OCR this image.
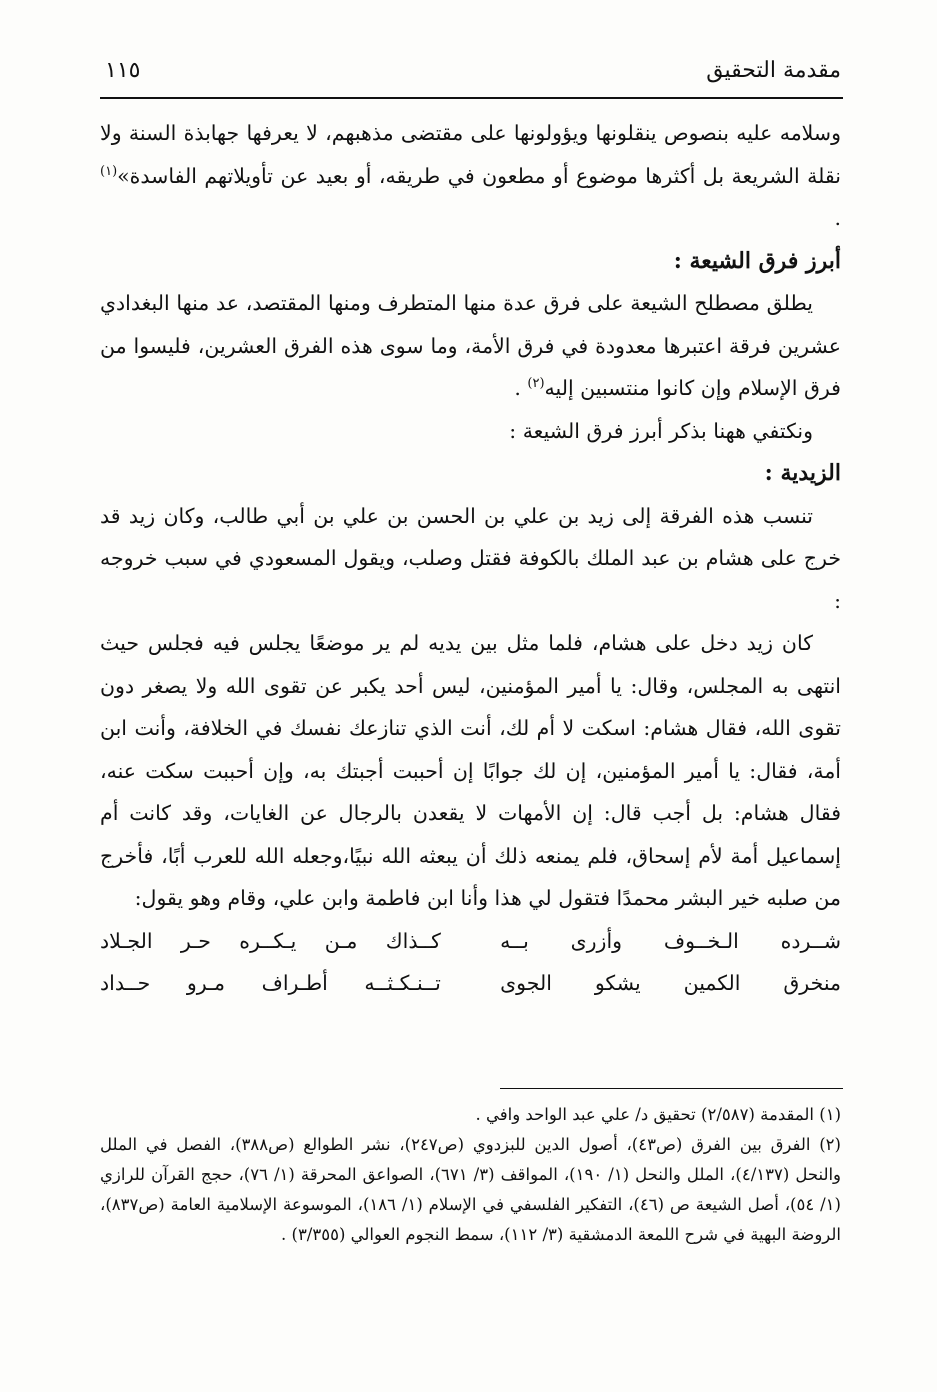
مقدمة التحقيق
١١٥

وسلامه عليه بنصوص ينقلونها ويؤولونها على مقتضى مذهبهم، لا يعرفها جهابذة السنة ولا نقلة الشريعة بل أكثرها موضوع أو مطعون في طريقه، أو بعيد عن تأويلاتهم الفاسدة»$^{(١)}$ .

أبرز فرق الشيعة :

يطلق مصطلح الشيعة على فرق عدة منها المتطرف ومنها المقتصد، عد منها البغدادي عشرين فرقة اعتبرها معدودة في فرق الأمة، وما سوى هذه الفرق العشرين، فليسوا من فرق الإسلام وإن كانوا منتسبين إليه$^{(٢)}$ .

ونكتفي ههنا بذكر أبرز فرق الشيعة :

الزيدية :

تنسب هذه الفرقة إلى زيد بن علي بن الحسن بن علي بن أبي طالب، وكان زيد قد خرج على هشام بن عبد الملك بالكوفة فقتل وصلب، ويقول المسعودي في سبب خروجه :

كان زيد دخل على هشام، فلما مثل بين يديه لم ير موضعًا يجلس فيه فجلس حيث انتهى به المجلس، وقال: يا أمير المؤمنين، ليس أحد يكبر عن تقوى الله ولا يصغر دون تقوى الله، فقال هشام: اسكت لا أم لك، أنت الذي تنازعك نفسك في الخلافة، وأنت ابن أمة، فقال: يا أمير المؤمنين، إن لك جوابًا إن أحببت أجبتك به، وإن أحببت سكت عنه، فقال هشام: بل أجب قال: إن الأمهات لا يقعدن بالرجال عن الغايات، وقد كانت أم إسماعيل أمة لأم إسحاق، فلم يمنعه ذلك أن يبعثه الله نبيًا،وجعله الله للعرب أبًا، فأخرج من صلبه خير البشر محمدًا فتقول لي هذا وأنا ابن فاطمة وابن علي، وقام وهو يقول:

شــرده الـخــوف وأزرى بــه
كــذاك مـن يـكــره حـر الجـلاد
منخرق الكمين يشكو الجوى
تــنـكـثــه أطـراف مـرو حــداد

(١) المقدمة (٢/٥٨٧) تحقيق د/ علي عبد الواحد وافي .

(٢) الفرق بين الفرق (ص٤٣)، أصول الدين للبزدوي (ص٢٤٧)، نشر الطوالع (ص٣٨٨)، الفصل في الملل والنحل (٤/١٣٧)، الملل والنحل (١/ ١٩٠)، المواقف (٣/ ٦٧١)، الصواعق المحرقة (١/ ٧٦)، حجج القرآن للرازي (١/ ٥٤)، أصل الشيعة ص (٤٦)، التفكير الفلسفي في الإسلام (١/ ١٨٦)، الموسوعة الإسلامية العامة (ص٨٣٧)، الروضة البهية في شرح اللمعة الدمشقية (٣/ ١١٢)، سمط النجوم العوالي (٣/٣٥٥) .
